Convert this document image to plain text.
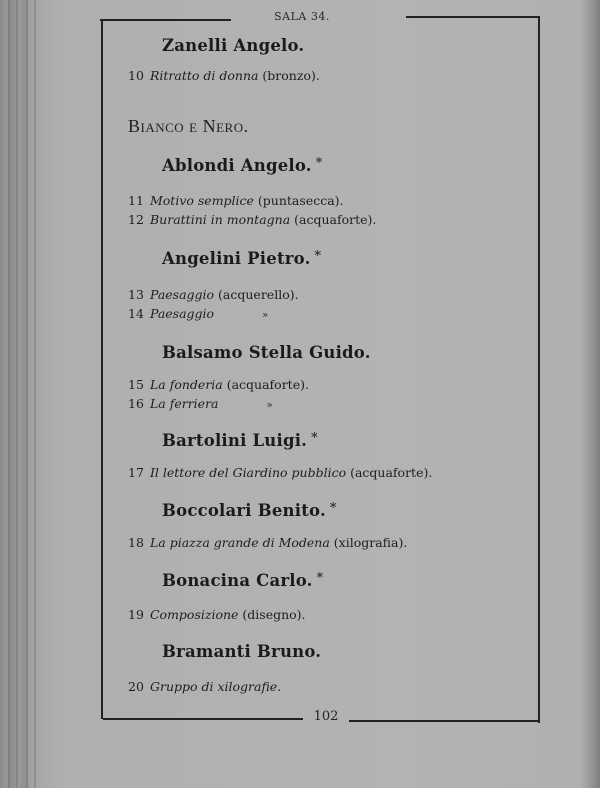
SALA 34.
102
Zanelli Angelo.
10 Ritratto di donna (bronzo).
Bianco e Nero.
Ablondi Angelo. *
11 Motivo semplice (puntasecca).
12 Burattini in montagna (acquaforte).
Angelini Pietro. *
13 Paesaggio (acquerello).
14 Paesaggio	»
Balsamo Stella Guido.
15 La fonderia (acquaforte).
16 La ferriera	»
Bartolini Luigi. *
17 Il lettore del Giardino pubblico (acquaforte).
Boccolari Benito. *
18 La piazza grande di Modena (xilografia).
Bonacina Carlo. *
19 Composizione (disegno).
Bramanti Bruno.
20 Gruppo di xilografie.
